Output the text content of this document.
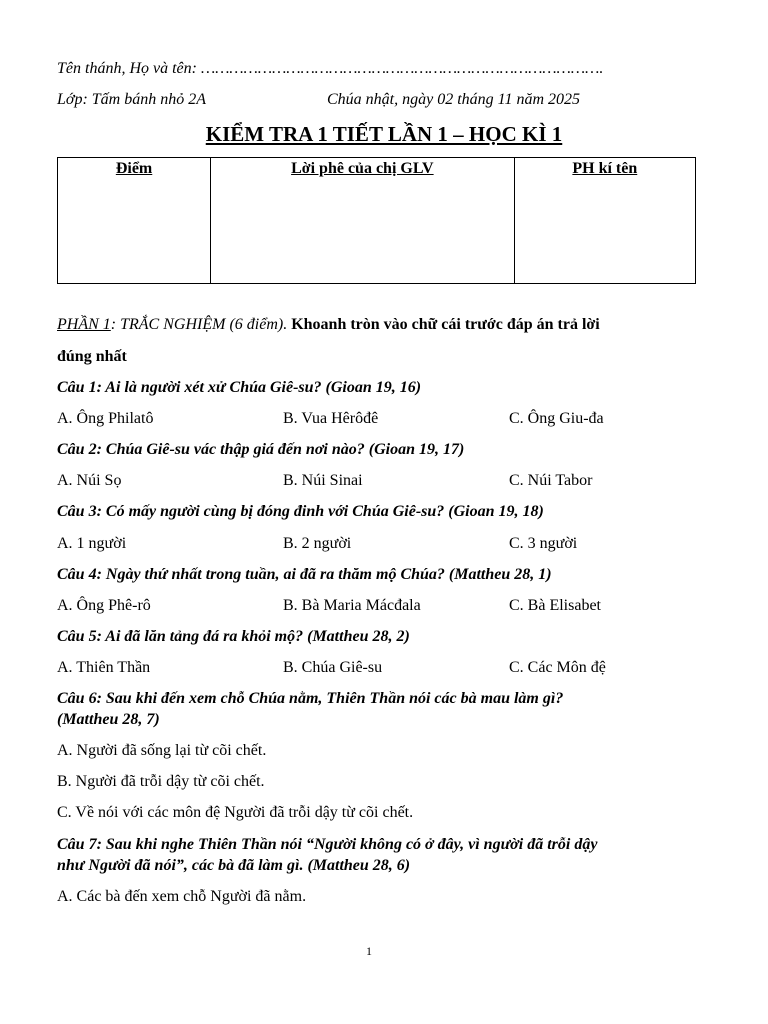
Tên thánh, Họ và tên: ………………………………………………………………………….
Lớp: Tấm bánh nhỏ 2A	Chúa nhật, ngày 02 tháng 11 năm 2025
KIỂM TRA 1 TIẾT LẦN 1 – HỌC KÌ 1
Điểm	Lời phê của chị GLV	PH kí tên
PHẦN 1: TRẮC NGHIỆM (6 điểm). Khoanh tròn vào chữ cái trước đáp án trả lời
đúng nhất
Câu 1: Ai là người xét xử Chúa Giê-su? (Gioan 19, 16)
A. Ông Philatô	B. Vua Hêrôđê	C. Ông Giu-đa
Câu 2: Chúa Giê-su vác thập giá đến nơi nào? (Gioan 19, 17)
A. Núi Sọ	B. Núi Sinai	C. Núi Tabor
Câu 3: Có mấy người cùng bị đóng đinh với Chúa Giê-su? (Gioan 19, 18)
A. 1 người	B. 2 người	C. 3 người
Câu 4: Ngày thứ nhất trong tuần, ai đã ra thăm mộ Chúa? (Mattheu 28, 1)
A. Ông Phê-rô	B. Bà Maria Mácđala	C. Bà Elisabet
Câu 5: Ai đã lăn tảng đá ra khỏi mộ? (Mattheu 28, 2)
A. Thiên Thần	B. Chúa Giê-su	C. Các Môn đệ
Câu 6: Sau khi đến xem chỗ Chúa nằm, Thiên Thần nói các bà mau làm gì?
(Mattheu 28, 7)
A. Người đã sống lại từ cõi chết.
B. Người đã trỗi dậy từ cõi chết.
C. Về nói với các môn đệ Người đã trỗi dậy từ cõi chết.
Câu 7: Sau khi nghe Thiên Thần nói “Người không có ở đây, vì người đã trỗi dậy
như Người đã nói”, các bà đã làm gì. (Mattheu 28, 6)
A. Các bà đến xem chỗ Người đã nằm.
1
